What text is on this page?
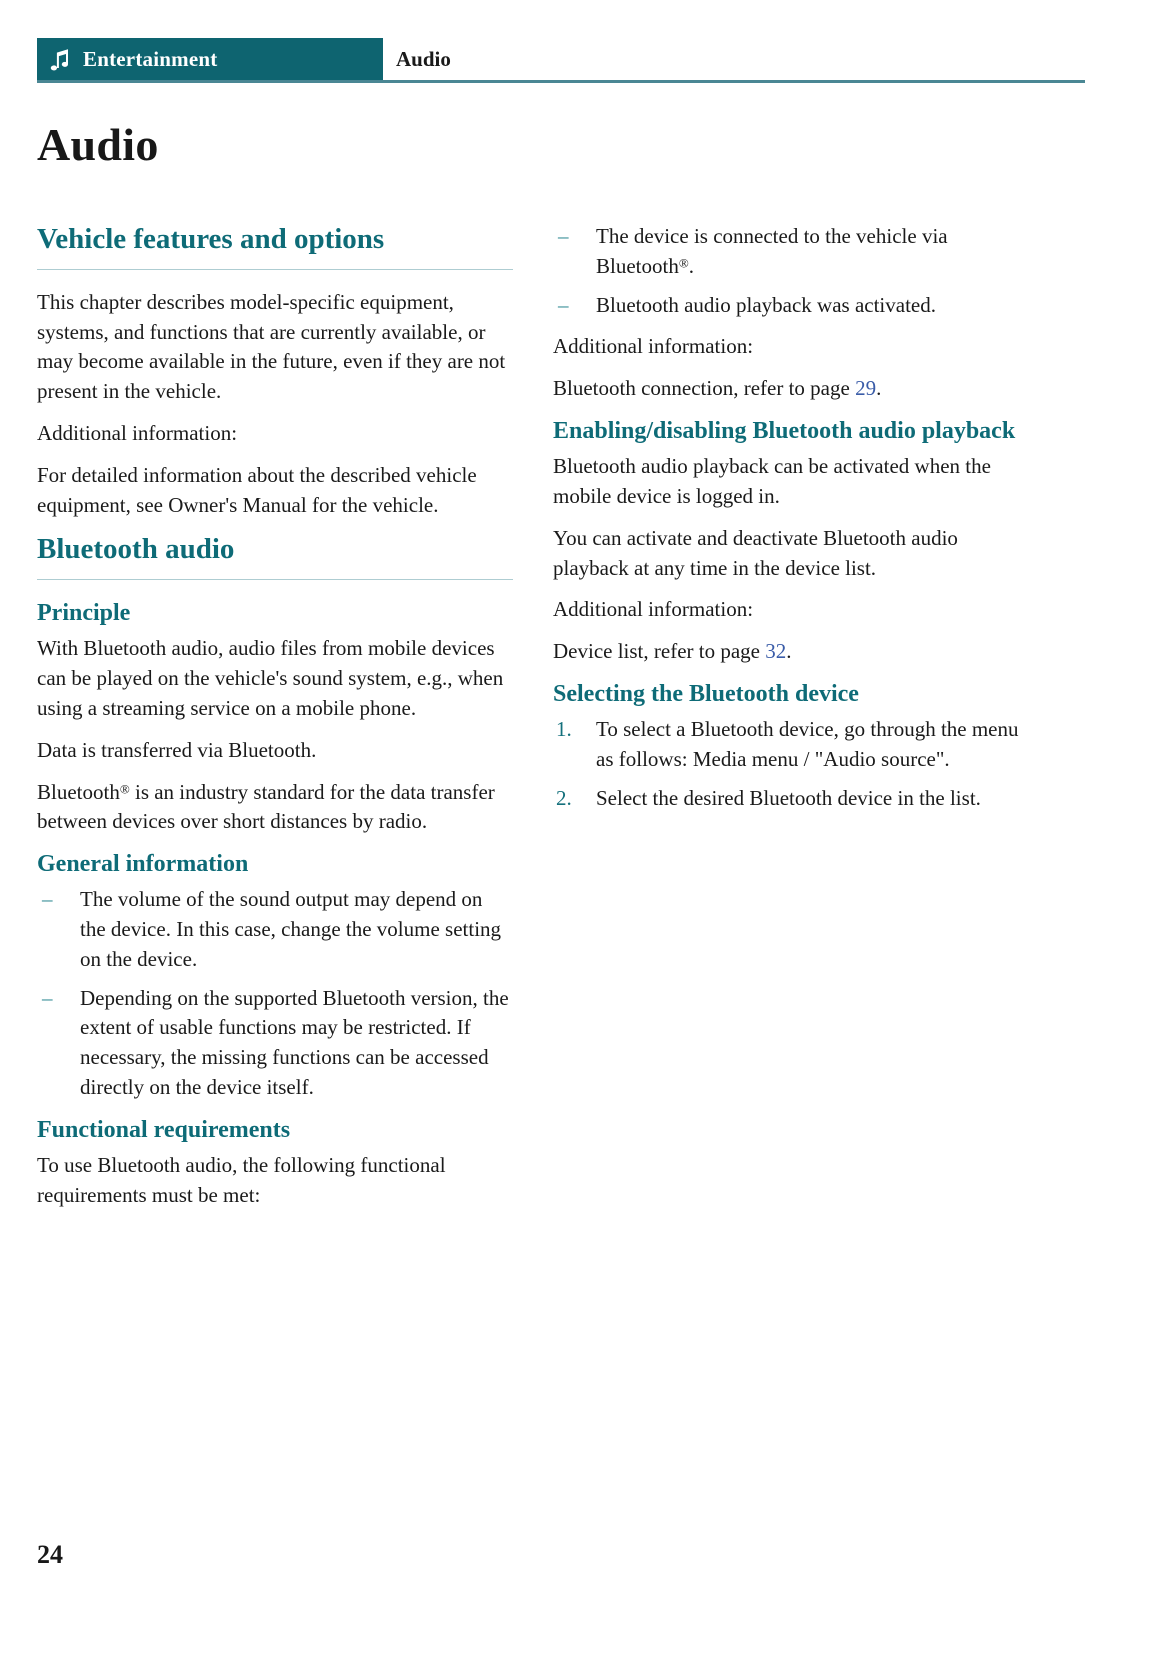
Entertainment	Audio
Audio
Vehicle features and options

This chapter describes model-specific equipment, systems, and functions that are currently available, or may become available in the future, even if they are not present in the vehicle.

Additional information:

For detailed information about the described vehicle equipment, see Owner's Manual for the vehicle.

Bluetooth audio
Principle

With Bluetooth audio, audio files from mobile devices can be played on the vehicle's sound system, e.g., when using a streaming service on a mobile phone.

Data is transferred via Bluetooth.

Bluetooth® is an industry standard for the data transfer between devices over short distances by radio.

General information
– The volume of the sound output may depend on the device. In this case, change the volume setting on the device.
– Depending on the supported Bluetooth version, the extent of usable functions may be restricted. If necessary, the missing functions can be accessed directly on the device itself.
Functional requirements

To use Bluetooth audio, the following functional requirements must be met:

– The device is connected to the vehicle via Bluetooth®.
– Bluetooth audio playback was activated.

Additional information:

Bluetooth connection, refer to page 29.

Enabling/disabling Bluetooth audio playback

Bluetooth audio playback can be activated when the mobile device is logged in.

You can activate and deactivate Bluetooth audio playback at any time in the device list.

Additional information:

Device list, refer to page 32.

Selecting the Bluetooth device
1. To select a Bluetooth device, go through the menu as follows: Media menu / "Audio source".
2. Select the desired Bluetooth device in the list.
24
